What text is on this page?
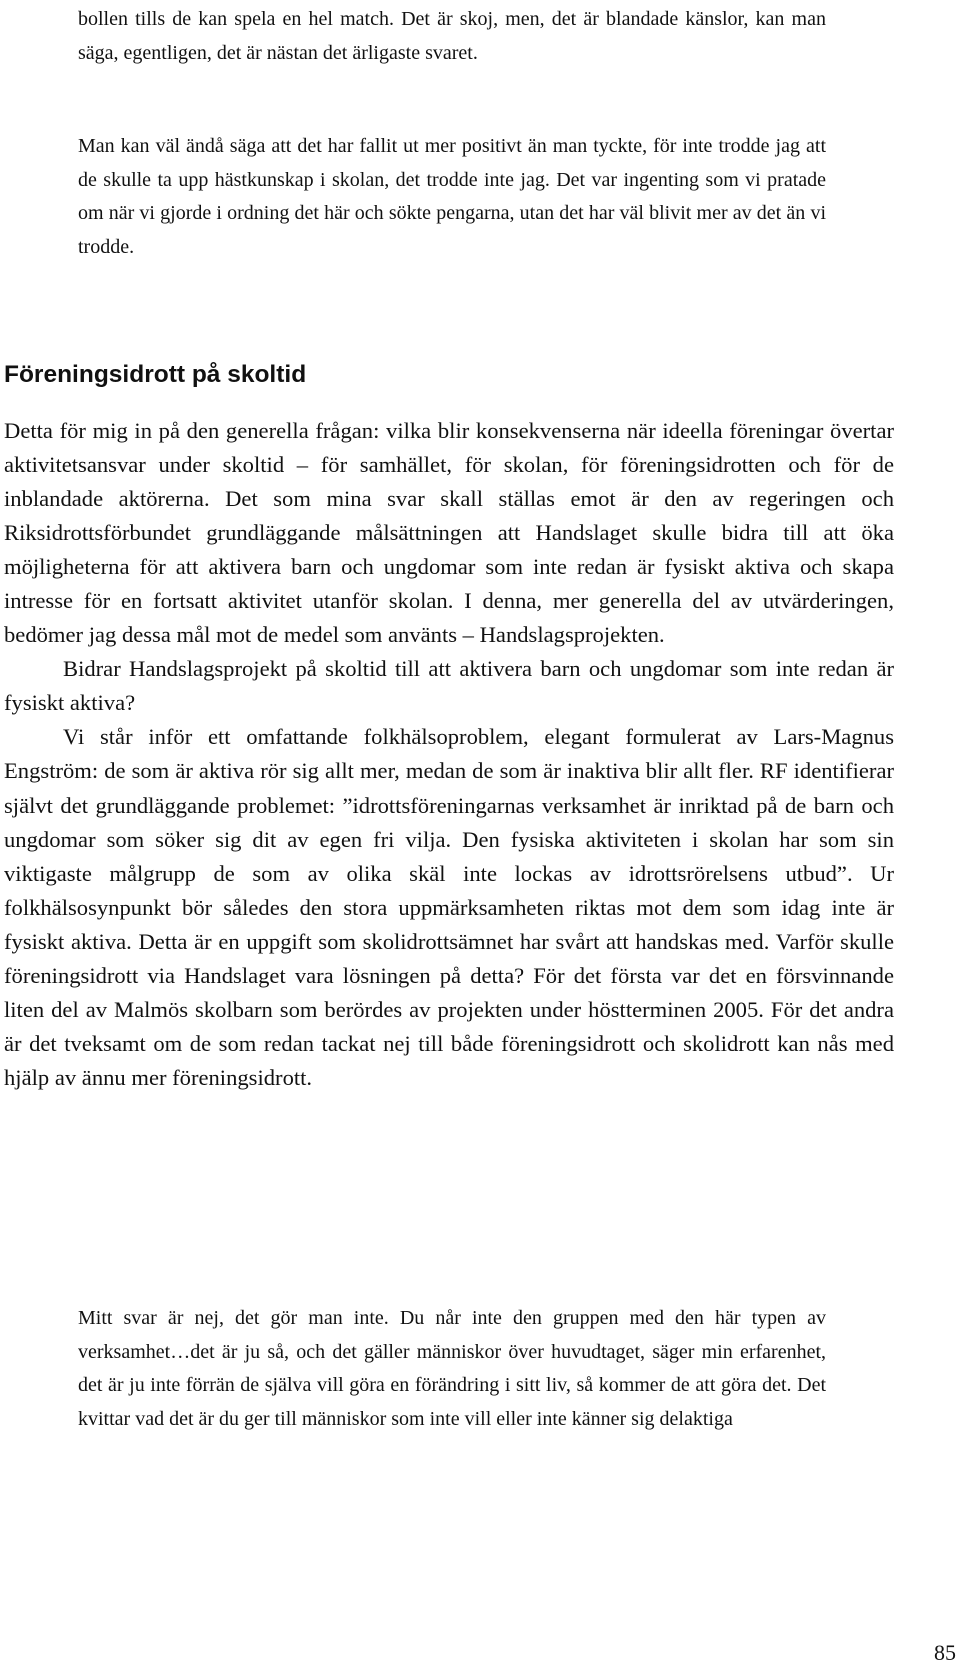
bollen tills de kan spela en hel match. Det är skoj, men, det är blandade känslor, kan man säga, egentligen, det är nästan det ärligaste svaret.

Man kan väl ändå säga att det har fallit ut mer positivt än man tyckte, för inte trodde jag att de skulle ta upp hästkunskap i skolan, det trodde inte jag. Det var ingenting som vi pratade om när vi gjorde i ordning det här och sökte pengarna, utan det har väl blivit mer av det än vi trodde.

Föreningsidrott på skoltid

Detta för mig in på den generella frågan: vilka blir konsekvenserna när ideella föreningar övertar aktivitetsansvar under skoltid – för samhället, för skolan, för föreningsidrotten och för de inblandade aktörerna. Det som mina svar skall ställas emot är den av regeringen och Riksidrottsförbundet grundläggande målsättningen att Handslaget skulle bidra till att öka möjligheterna för att aktivera barn och ungdomar som inte redan är fysiskt aktiva och skapa intresse för en fortsatt aktivitet utanför skolan. I denna, mer generella del av utvärderingen, bedömer jag dessa mål mot de medel som använts – Handslagsprojekten.

Bidrar Handslagsprojekt på skoltid till att aktivera barn och ungdomar som inte redan är fysiskt aktiva?

Vi står inför ett omfattande folkhälsoproblem, elegant formulerat av Lars-Magnus Engström: de som är aktiva rör sig allt mer, medan de som är inaktiva blir allt fler. RF identifierar självt det grundläggande problemet: ”idrottsföreningarnas verksamhet är inriktad på de barn och ungdomar som söker sig dit av egen fri vilja. Den fysiska aktiviteten i skolan har som sin viktigaste målgrupp de som av olika skäl inte lockas av idrottsrörelsens utbud”. Ur folkhälsosynpunkt bör således den stora uppmärksamheten riktas mot dem som idag inte är fysiskt aktiva. Detta är en uppgift som skolidrottsämnet har svårt att handskas med. Varför skulle föreningsidrott via Handslaget vara lösningen på detta? För det första var det en försvinnande liten del av Malmös skolbarn som berördes av projekten under höstterminen 2005. För det andra är det tveksamt om de som redan tackat nej till både föreningsidrott och skolidrott kan nås med hjälp av ännu mer föreningsidrott.

Mitt svar är nej, det gör man inte. Du når inte den gruppen med den här typen av verksamhet…det är ju så, och det gäller människor över huvudtaget, säger min erfarenhet, det är ju inte förrän de själva vill göra en förändring i sitt liv, så kommer de att göra det. Det kvittar vad det är du ger till människor som inte vill eller inte känner sig delaktiga

85
